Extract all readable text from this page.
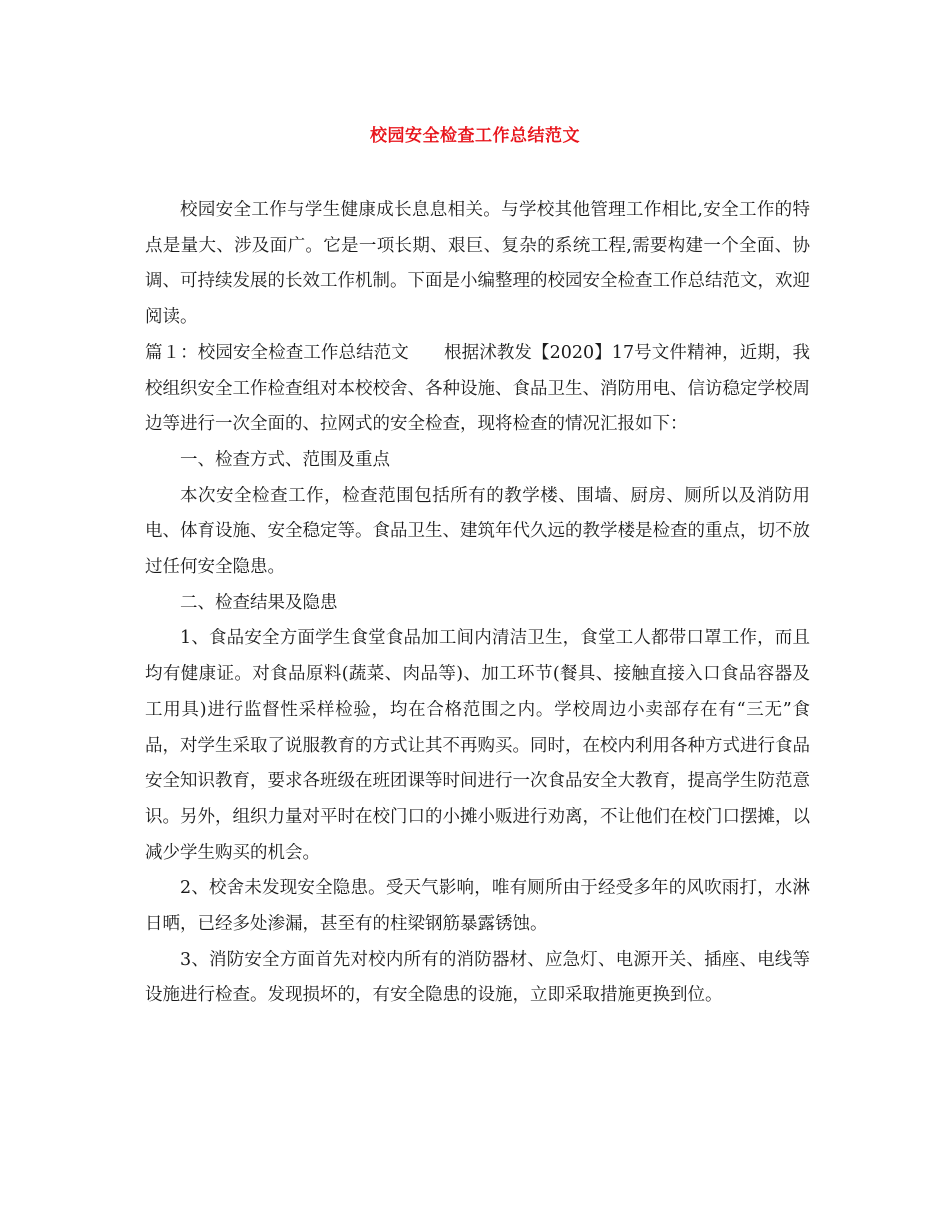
校园安全检查工作总结范文

校园安全工作与学生健康成长息息相关。与学校其他管理工作相比,安全工作的特点是量大、涉及面广。它是一项长期、艰巨、复杂的系统工程,需要构建一个全面、协调、可持续发展的长效工作机制。下面是小编整理的校园安全检查工作总结范文，欢迎阅读。

篇１：校园安全检查工作总结范文　　根据沭教发【2020】17号文件精神，近期，我校组织安全工作检查组对本校校舍、各种设施、食品卫生、消防用电、信访稳定学校周边等进行一次全面的、拉网式的安全检查，现将检查的情况汇报如下：

一、检查方式、范围及重点

本次安全检查工作，检查范围包括所有的教学楼、围墙、厨房、厕所以及消防用电、体育设施、安全稳定等。食品卫生、建筑年代久远的教学楼是检查的重点，切不放过任何安全隐患。

二、检查结果及隐患

1、食品安全方面学生食堂食品加工间内清洁卫生，食堂工人都带口罩工作，而且均有健康证。对食品原料(蔬菜、肉品等)、加工环节(餐具、接触直接入口食品容器及工用具)进行监督性采样检验，均在合格范围之内。学校周边小卖部存在有“三无”食品，对学生采取了说服教育的方式让其不再购买。同时，在校内利用各种方式进行食品安全知识教育，要求各班级在班团课等时间进行一次食品安全大教育，提高学生防范意识。另外，组织力量对平时在校门口的小摊小贩进行劝离，不让他们在校门口摆摊，以减少学生购买的机会。

2、校舍未发现安全隐患。受天气影响，唯有厕所由于经受多年的风吹雨打，水淋日晒，已经多处渗漏，甚至有的柱梁钢筋暴露锈蚀。

3、消防安全方面首先对校内所有的消防器材、应急灯、电源开关、插座、电线等设施进行检查。发现损坏的，有安全隐患的设施，立即采取措施更换到位。
